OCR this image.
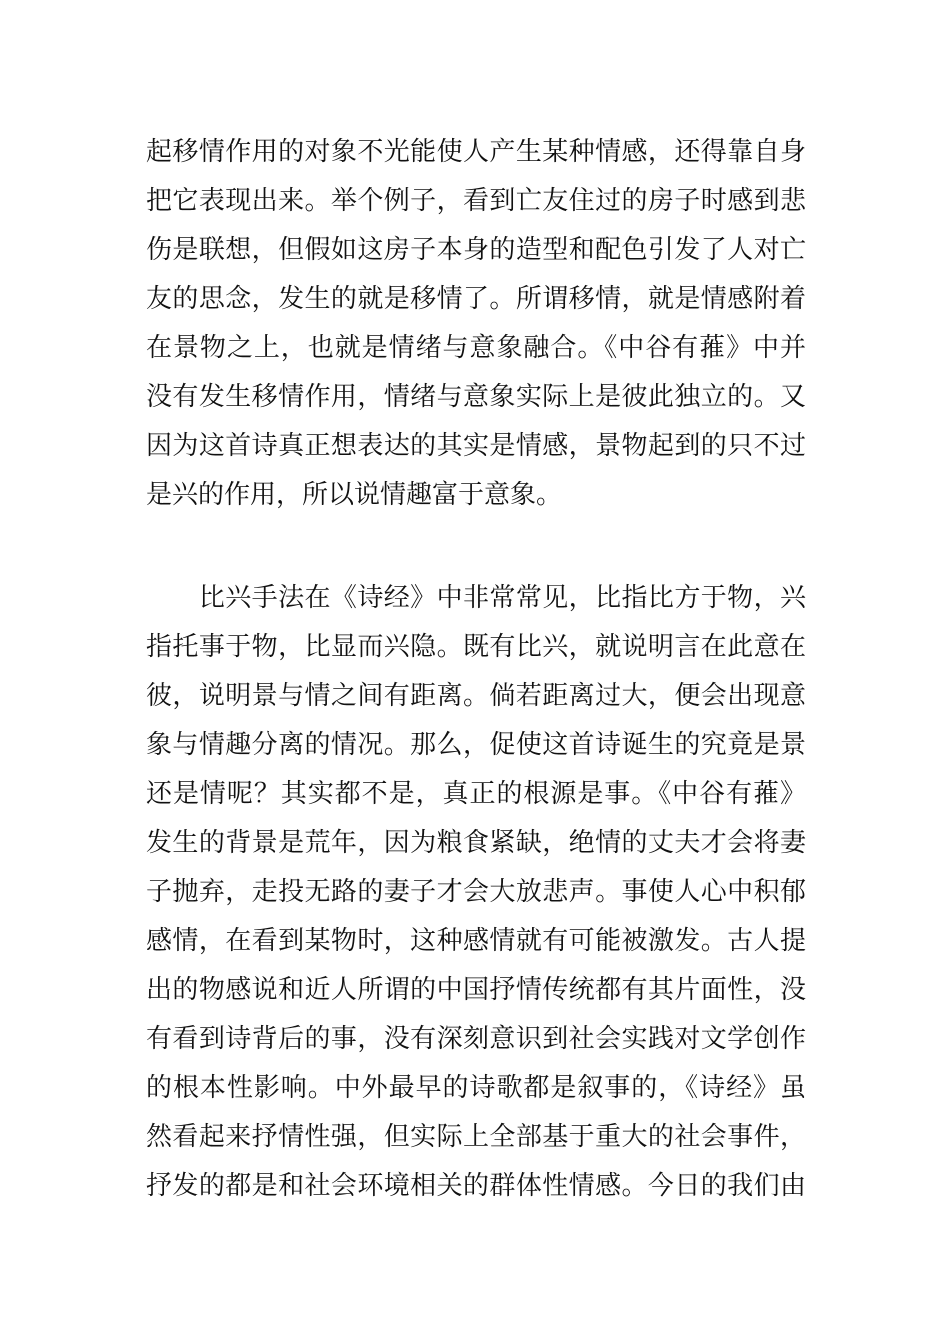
起移情作用的对象不光能使人产生某种情感，还得靠自身
把它表现出来。举个例子，看到亡友住过的房子时感到悲
伤是联想，但假如这房子本身的造型和配色引发了人对亡
友的思念，发生的就是移情了。所谓移情，就是情感附着
在景物之上，也就是情绪与意象融合。《中谷有蓷》中并
没有发生移情作用，情绪与意象实际上是彼此独立的。又
因为这首诗真正想表达的其实是情感，景物起到的只不过
是兴的作用，所以说情趣富于意象。
　　比兴手法在《诗经》中非常常见，比指比方于物，兴
指托事于物，比显而兴隐。既有比兴，就说明言在此意在
彼，说明景与情之间有距离。倘若距离过大，便会出现意
象与情趣分离的情况。那么，促使这首诗诞生的究竟是景
还是情呢？其实都不是，真正的根源是事。《中谷有蓷》
发生的背景是荒年，因为粮食紧缺，绝情的丈夫才会将妻
子抛弃，走投无路的妻子才会大放悲声。事使人心中积郁
感情，在看到某物时，这种感情就有可能被激发。古人提
出的物感说和近人所谓的中国抒情传统都有其片面性，没
有看到诗背后的事，没有深刻意识到社会实践对文学创作
的根本性影响。中外最早的诗歌都是叙事的，《诗经》虽
然看起来抒情性强，但实际上全部基于重大的社会事件，
抒发的都是和社会环境相关的群体性情感。今日的我们由
